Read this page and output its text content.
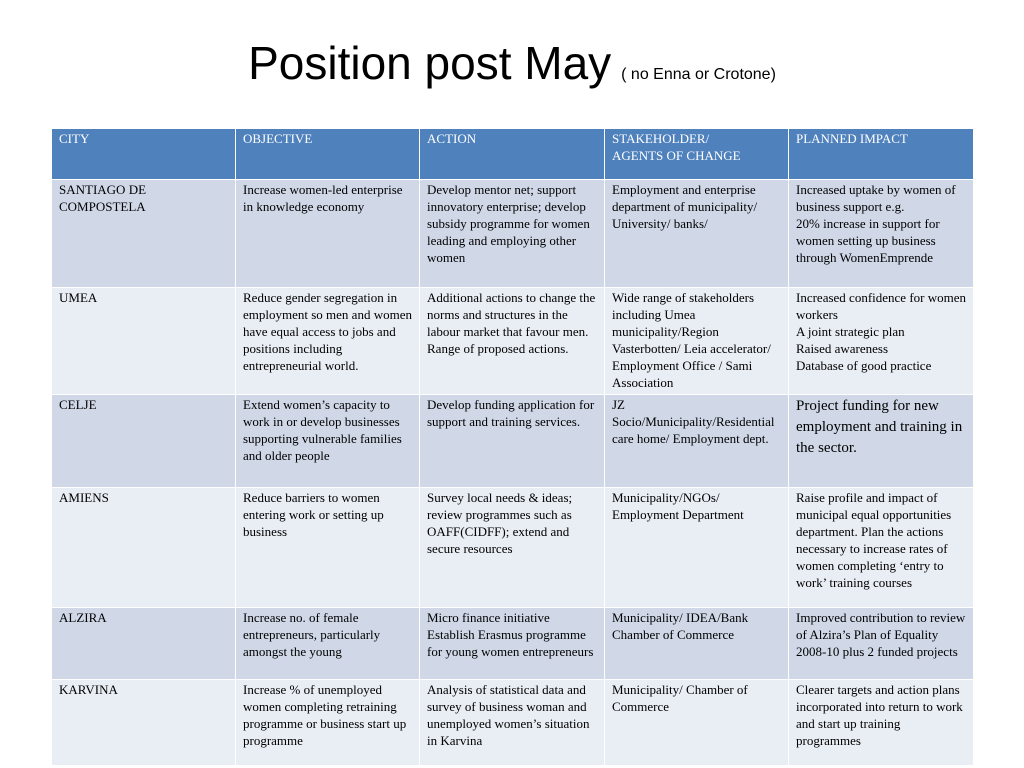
Position post May ( no Enna or Crotone)
CITY	OBJECTIVE	ACTION	STAKEHOLDER/
AGENTS OF CHANGE	PLANNED IMPACT

SANTIAGO DE
COMPOSTELA	Increase women-led enterprise in knowledge economy	Develop mentor net; support innovatory enterprise; develop subsidy programme for women leading and employing other women	Employment and enterprise department of municipality/ University/ banks/	Increased uptake by women of business support e.g.
20% increase in support for women setting up business through WomenEmprende

UMEA	Reduce gender segregation in employment so men and women have equal access to jobs and positions including entrepreneurial world.	Additional actions to change the norms and structures in the labour market that favour men.
Range of proposed actions.	Wide range of stakeholders including Umea municipality/Region Vasterbotten/ Leia accelerator/ Employment Office / Sami Association	Increased confidence for women workers
A joint strategic plan
Raised awareness
Database of good practice

CELJE	Extend women’s capacity to work in or develop businesses supporting vulnerable families and older people	Develop funding application for support and training services.	JZ Socio/Municipality/Residential care home/ Employment dept.	Project funding for new employment and training in the sector.

AMIENS	Reduce barriers to women entering work or setting up business	Survey local needs & ideas; review programmes such as OAFF(CIDFF); extend and secure resources	Municipality/NGOs/ Employment Department	Raise profile and impact of municipal equal opportunities department. Plan the actions necessary to increase rates of women completing ‘entry to work’ training courses

ALZIRA	Increase no. of female entrepreneurs, particularly amongst the young	Micro finance initiative
Establish Erasmus programme for young women entrepreneurs	Municipality/ IDEA/Bank Chamber of Commerce	Improved contribution to review of Alzira’s Plan of Equality 2008-10 plus 2 funded projects

KARVINA	Increase % of unemployed women completing retraining programme or business start up programme	Analysis of statistical data and survey of business woman and unemployed women’s situation in Karvina	Municipality/ Chamber of Commerce	Clearer targets and action plans incorporated into return to work and start up training programmes
